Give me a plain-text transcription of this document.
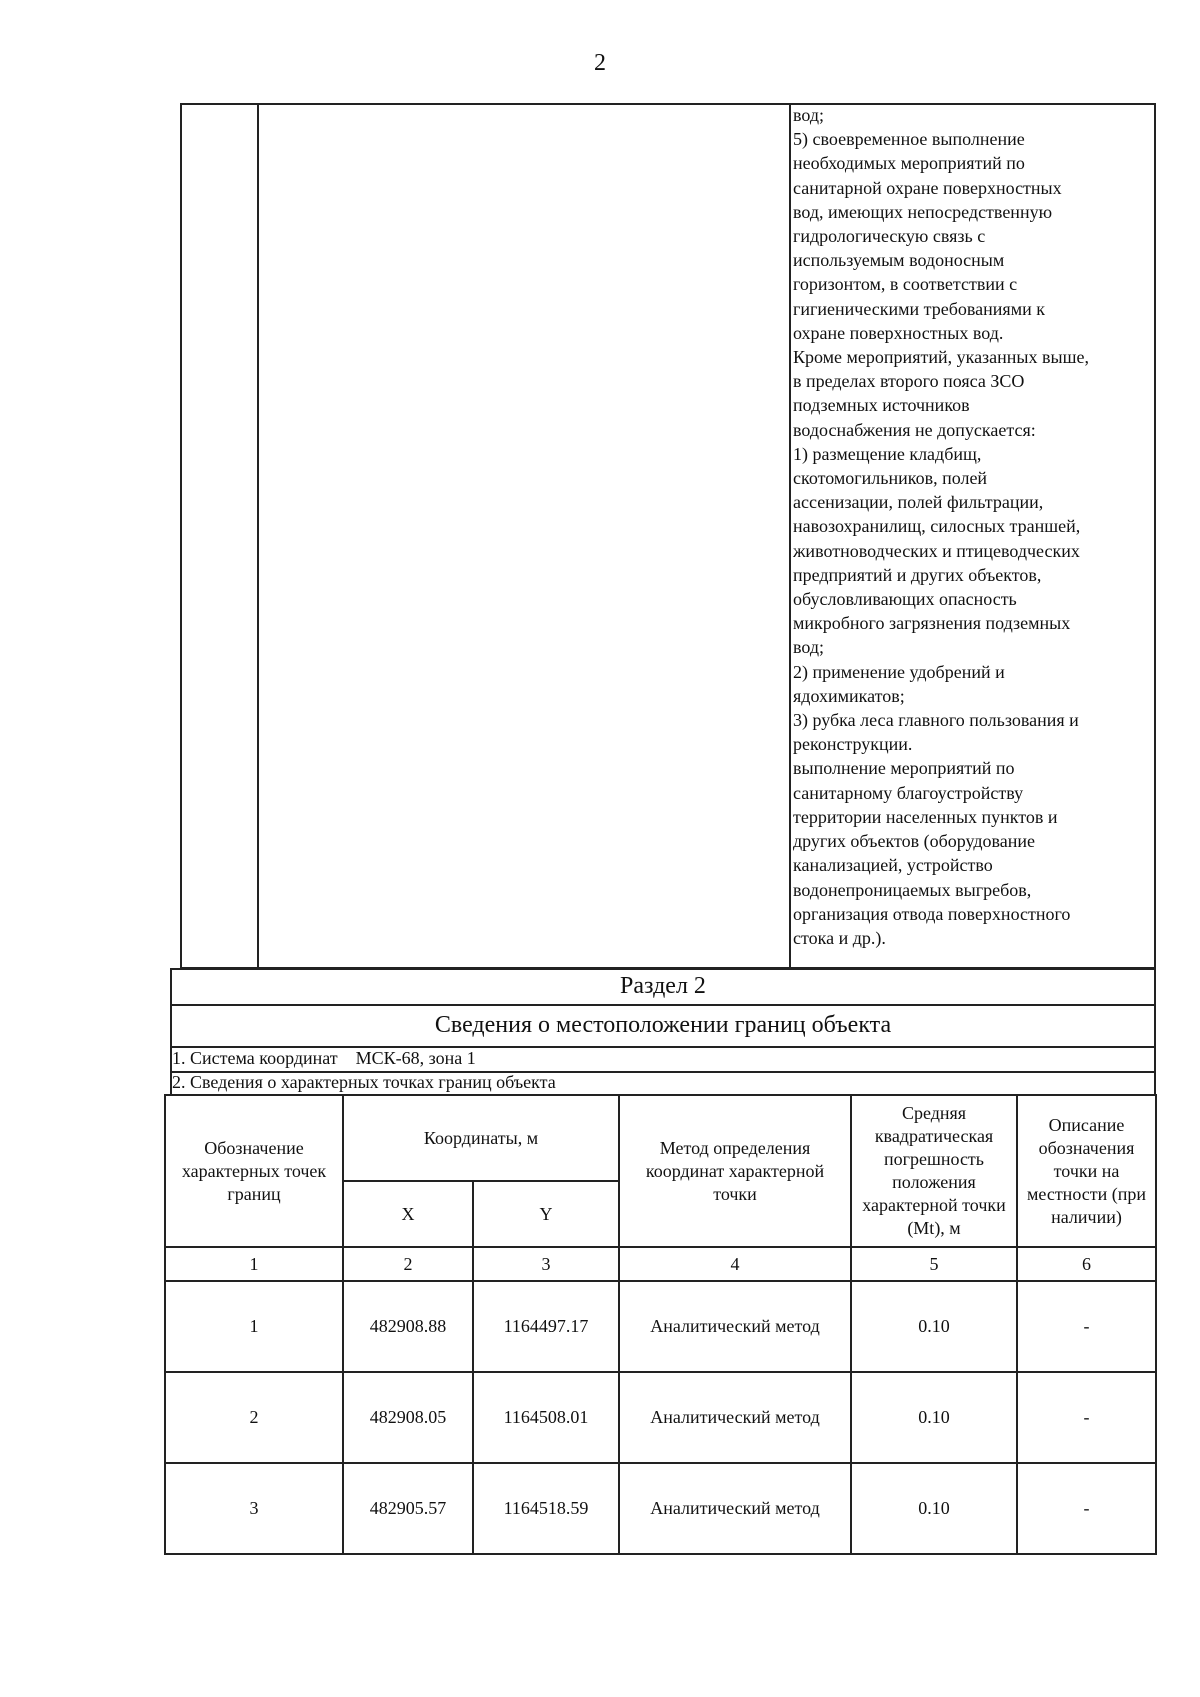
2
вод;
5) своевременное выполнение
необходимых мероприятий по
санитарной охране поверхностных
вод, имеющих непосредственную
гидрологическую связь с
используемым водоносным
горизонтом, в соответствии с
гигиеническими требованиями к
охране поверхностных вод.
Кроме мероприятий, указанных выше,
в пределах второго пояса ЗСО
подземных источников
водоснабжения не допускается:
1) размещение кладбищ,
скотомогильников, полей
ассенизации, полей фильтрации,
навозохранилищ, силосных траншей,
животноводческих и птицеводческих
предприятий и других объектов,
обусловливающих опасность
микробного загрязнения подземных
вод;
2) применение удобрений и
ядохимикатов;
3) рубка леса главного пользования и
реконструкции.
выполнение мероприятий по
санитарному благоустройству
территории населенных пунктов и
других объектов (оборудование
канализацией, устройство
водонепроницаемых выгребов,
организация отвода поверхностного
стока и др.).
Раздел 2
Сведения о местоположении границ объекта
1. Система координат МСК-68, зона 1
2. Сведения о характерных точках границ объекта
Обозначение характерных точек границ	Координаты, м		Метод определения координат характерной точки	Средняя квадратическая погрешность положения характерной точки (Mt), м	Описание обозначения точки на местности (при наличии)
	X	Y			
1	2	3	4	5	6
1	482908.88	1164497.17	Аналитический метод	0.10	-
2	482908.05	1164508.01	Аналитический метод	0.10	-
3	482905.57	1164518.59	Аналитический метод	0.10	-
